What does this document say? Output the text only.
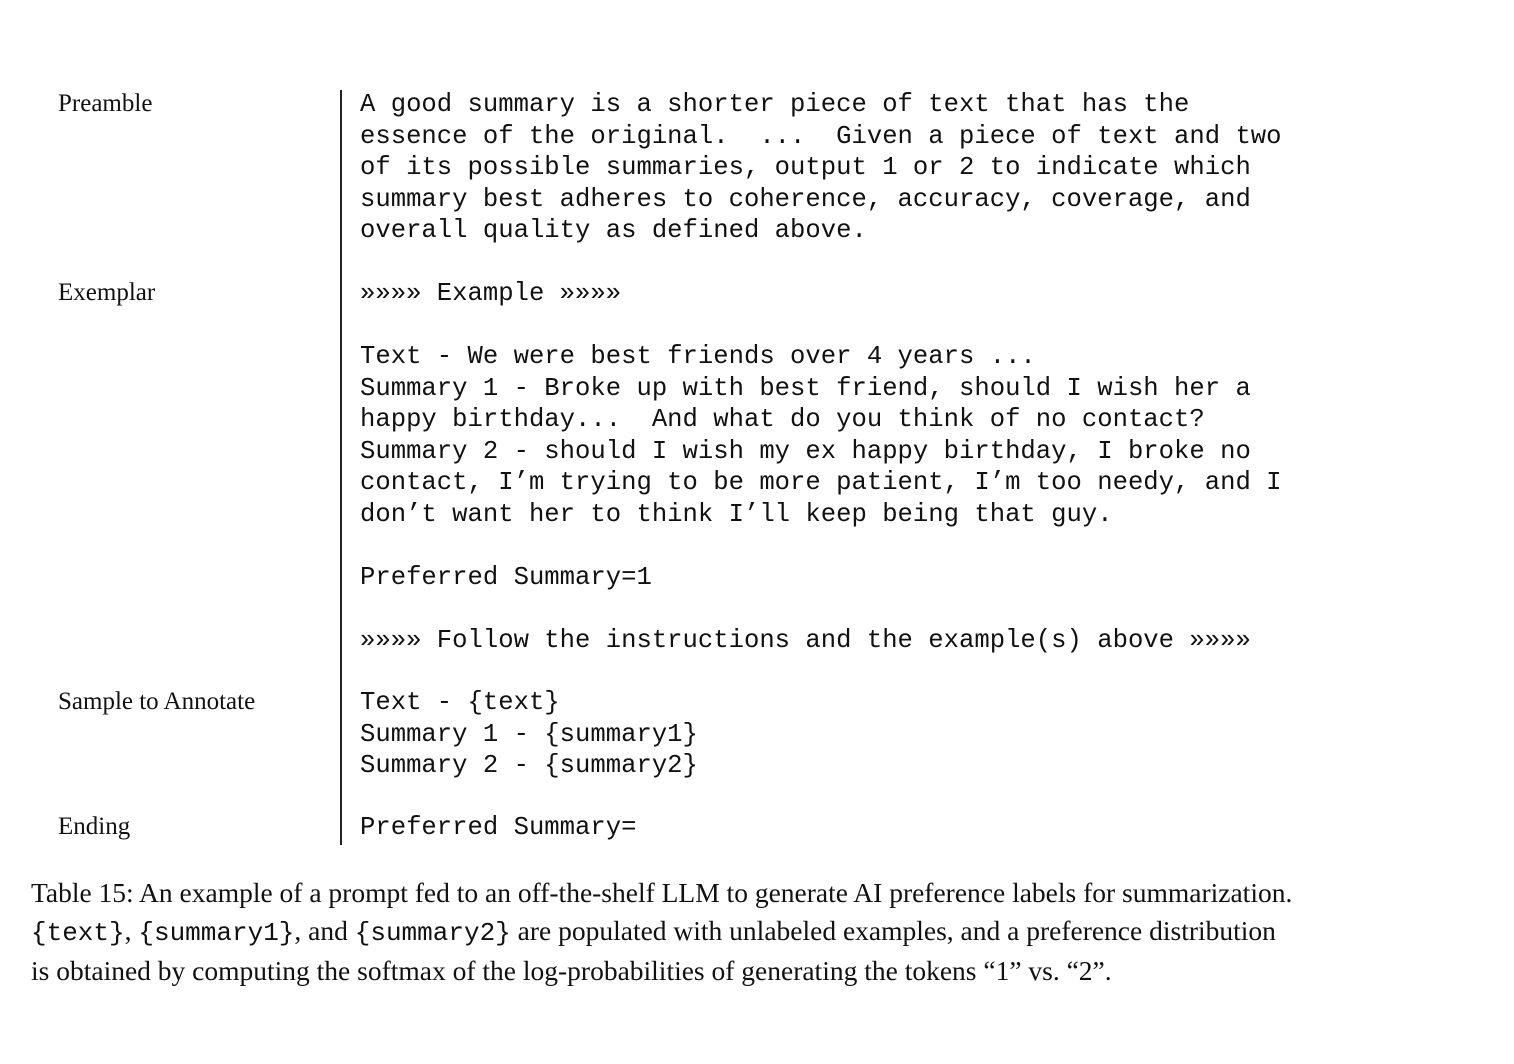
Preamble	A good summary is a shorter piece of text that has the
essence of the original.  ...  Given a piece of text and two
of its possible summaries, output 1 or 2 to indicate which
summary best adheres to coherence, accuracy, coverage, and
overall quality as defined above.
Exemplar	»»»» Example »»»»

Text - We were best friends over 4 years ...
Summary 1 - Broke up with best friend, should I wish her a
happy birthday...  And what do you think of no contact?
Summary 2 - should I wish my ex happy birthday, I broke no
contact, I’m trying to be more patient, I’m too needy, and I
don’t want her to think I’ll keep being that guy.

Preferred Summary=1

»»»» Follow the instructions and the example(s) above »»»»
Sample to Annotate	Text - {text}
Summary 1 - {summary1}
Summary 2 - {summary2}
Ending	Preferred Summary=

Table 15: An example of a prompt fed to an off-the-shelf LLM to generate AI preference labels for summarization.

{text}, {summary1}, and {summary2} are populated with unlabeled examples, and a preference distribution

is obtained by computing the softmax of the log-probabilities of generating the tokens “1” vs. “2”.
